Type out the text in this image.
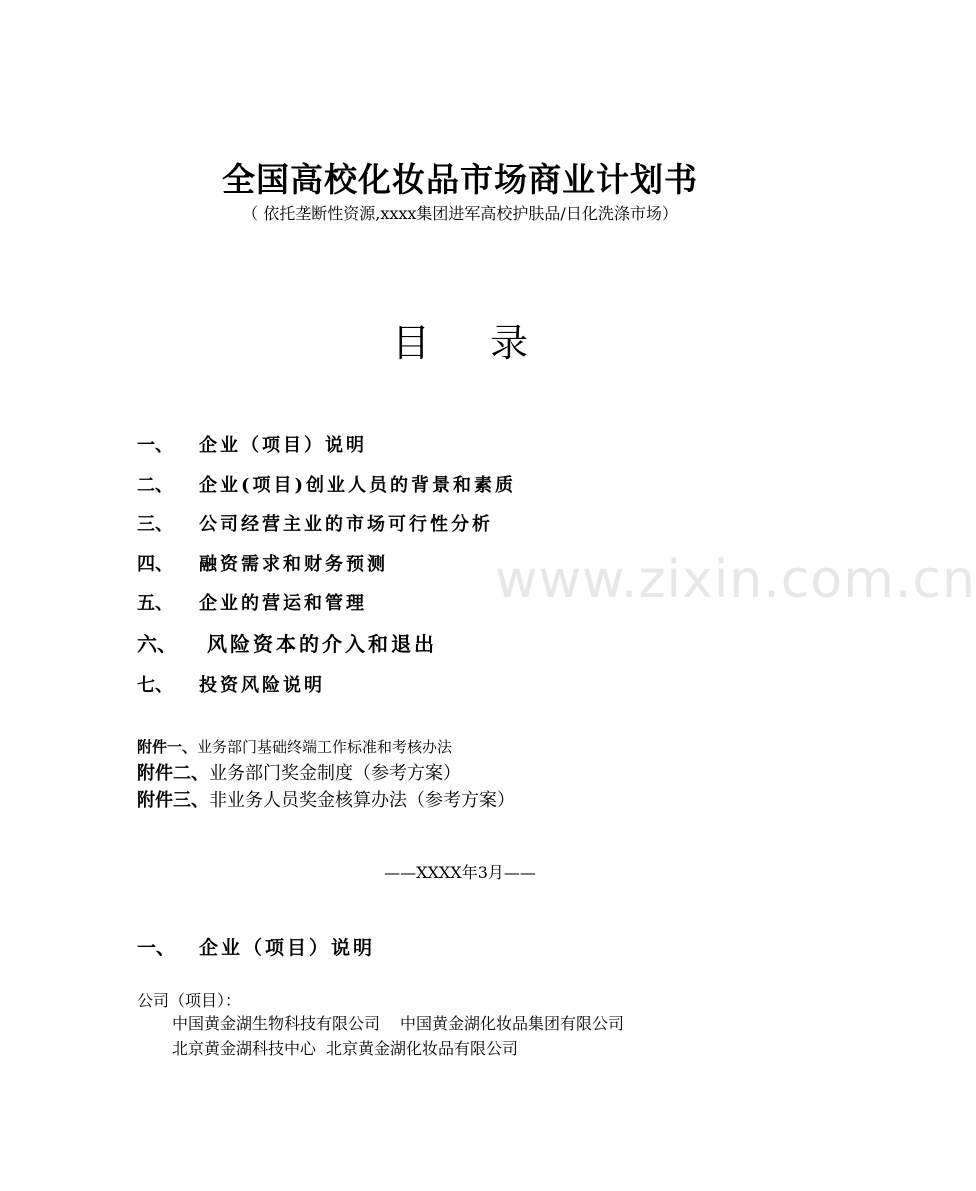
www.zixin.com.cn
全国高校化妆品市场商业计划书
（ 依托垄断性资源,xxxx集团进军高校护肤品/日化洗涤市场）
目 录
一、 企业（项目）说明
二、 企业(项目)创业人员的背景和素质
三、 公司经营主业的市场可行性分析
四、 融资需求和财务预测
五、 企业的营运和管理
六、 风险资本的介入和退出
七、 投资风险说明
附件一、业务部门基础终端工作标准和考核办法
附件二、业务部门奖金制度（参考方案）
附件三、非业务人员奖金核算办法（参考方案）
——XXXX年3月——
一、 企业（项目）说明
公司（项目）：
中国黄金湖生物科技有限公司 中国黄金湖化妆品集团有限公司
北京黄金湖科技中心 北京黄金湖化妆品有限公司
